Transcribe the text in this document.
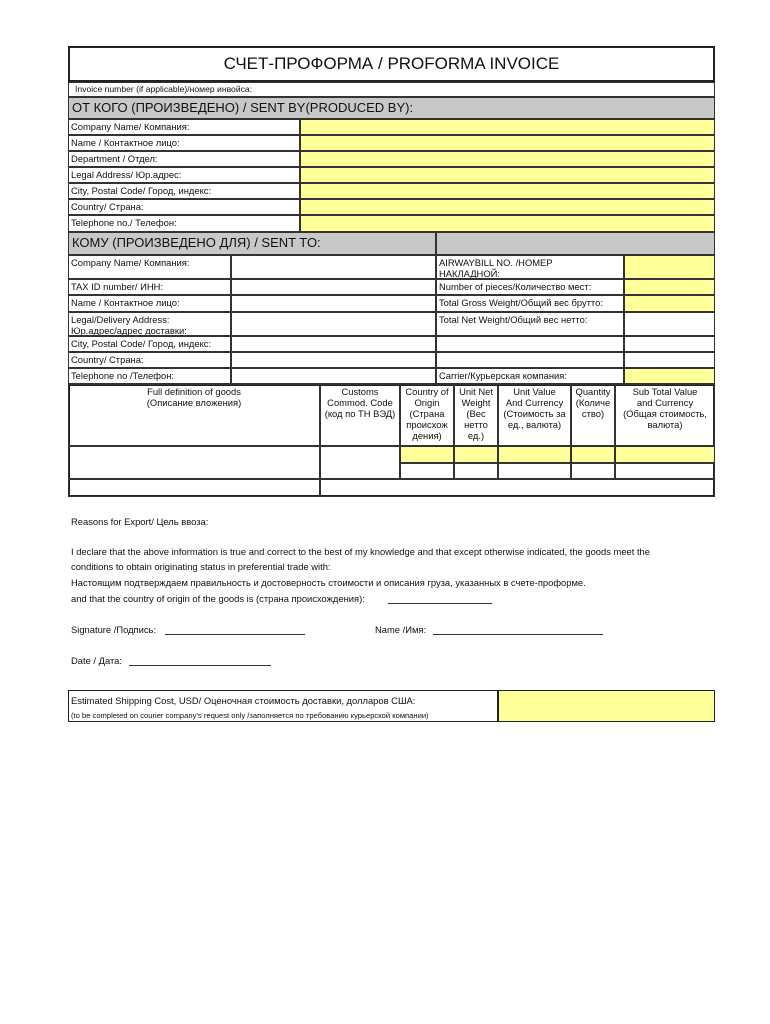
СЧЕТ-ПРОФОРМА / PROFORMA INVOICE
Invoice number (if applicable)/номер инвойса:
ОТ КОГО (ПРОИЗВЕДЕНО) / SENT BY(PRODUCED BY):
Company Name/ Компания:
Name / Контактное лицо:
Department / Отдел:
Legal Address/ Юр.адрес:
City, Postal Code/ Город, индекс:
Country/ Страна:
Telephone no./ Телефон:
КОМУ (ПРОИЗВЕДЕНО ДЛЯ) / SENT TO:
Company Name/ Компания:
TAX ID number/ ИНН:
Name / Контактное лицо:
Legal/Delivery Address:
Юр.адрес/адрес доставки:
City, Postal Code/ Город, индекс:
Country/ Страна:
Telephone no /Телефон:
AIRWAYBILL NO. /НОМЕР
НАКЛАДНОЙ:
Number of pieces/Количество мест:
Total Gross Weight/Общий вес брутто:
Total Net Weight/Общий вес нетто:
Carrier/Курьерская компания:
Full definition of goods
(Описание вложения)
Customs
Commod. Code
(код по ТН ВЭД)
Country of
Origin
(Страна
происхож
дения)
Unit Net
Weight
(Вес
нетто
ед.)
Unit Value
And Currency
(Стоимость за
ед., валюта)
Quantity
(Количе
ство)
Sub Total Value
and Currency
(Общая стоимость,
валюта)
Reasons for Export/ Цель ввоза:
I declare that the above information is true and correct to the best of my knowledge and that except otherwise indicated, the goods meet the
conditions to obtain originating status in preferential trade with:
Настоящим подтверждаем правильность и достоверность стоимости и описания груза, указанных в счете-проформе.
and that the country of origin of the goods is (страна происхождения):
Signature /Подпись:	Name /Имя:
Date / Дата:
Estimated Shipping Cost, USD/ Оценочная стоимость доставки, долларов США:
(to be completed on courier company’s request only /заполняется по требованию курьерской компании)
